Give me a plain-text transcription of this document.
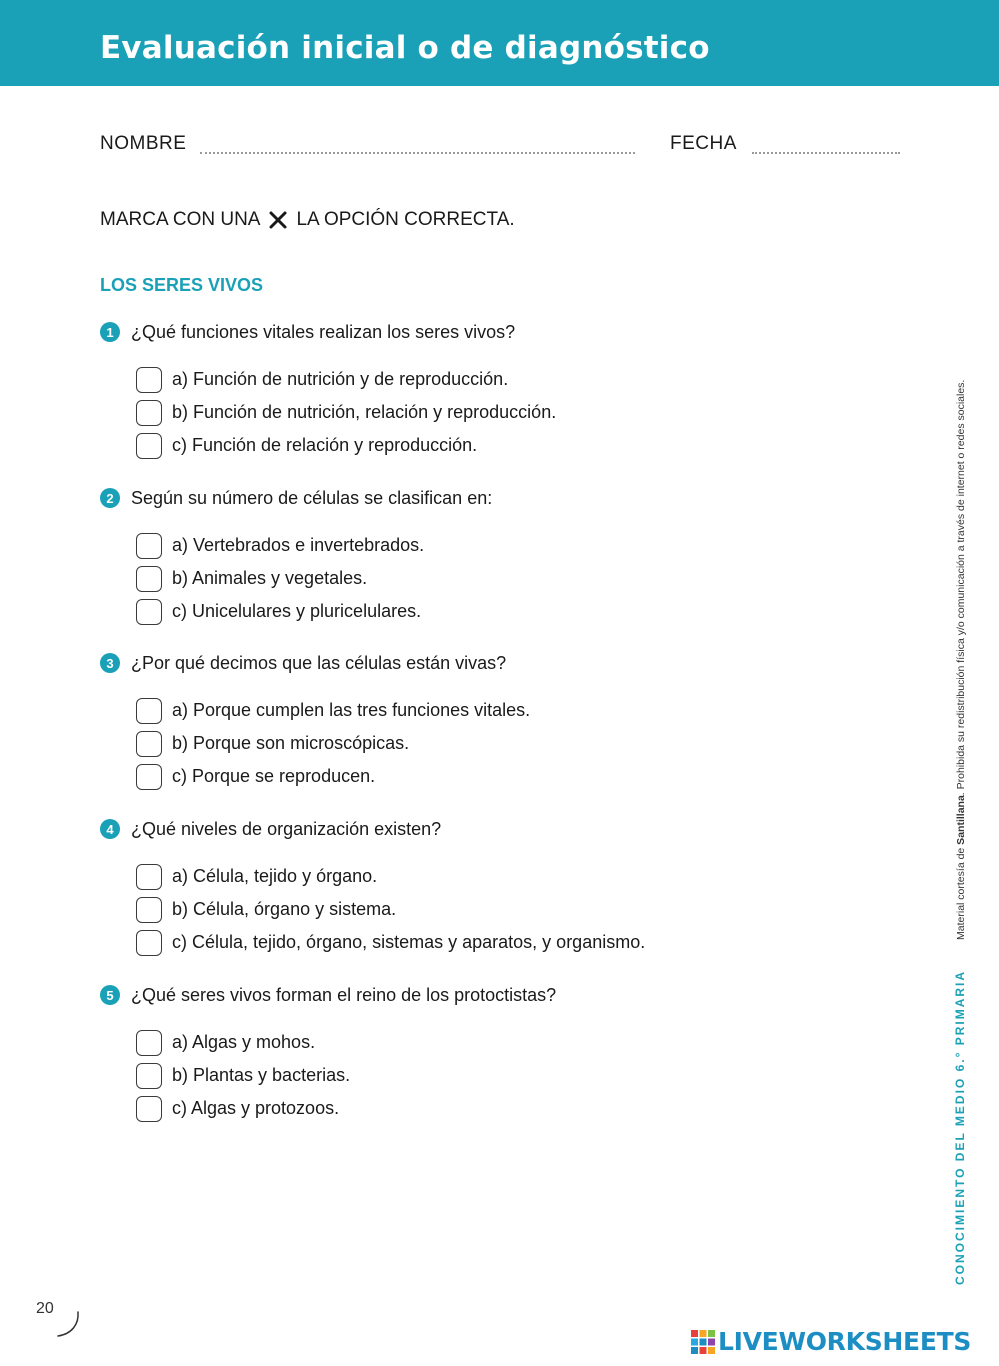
Evaluación inicial o de diagnóstico
NOMBRE	FECHA
MARCA CON UNA LA OPCIÓN CORRECTA.
LOS SERES VIVOS
1 ¿Qué funciones vitales realizan los seres vivos?
a) Función de nutrición y de reproducción.
b) Función de nutrición, relación y reproducción.
c) Función de relación y reproducción.
2 Según su número de células se clasifican en:
a) Vertebrados e invertebrados.
b) Animales y vegetales.
c) Unicelulares y pluricelulares.
3 ¿Por qué decimos que las células están vivas?
a) Porque cumplen las tres funciones vitales.
b) Porque son microscópicas.
c) Porque se reproducen.
4 ¿Qué niveles de organización existen?
a) Célula, tejido y órgano.
b) Célula, órgano y sistema.
c) Célula, tejido, órgano, sistemas y aparatos, y organismo.
5 ¿Qué seres vivos forman el reino de los protoctistas?
a) Algas y mohos.
b) Plantas y bacterias.
c) Algas y protozoos.	CONOCIMIENTO DEL MEDIO 6.° PRIMARIA
Material cortesía de Santillana. Prohibida su redistribución física y/o comunicación a través de internet o redes sociales.
20
LIVEWORKSHEETS
